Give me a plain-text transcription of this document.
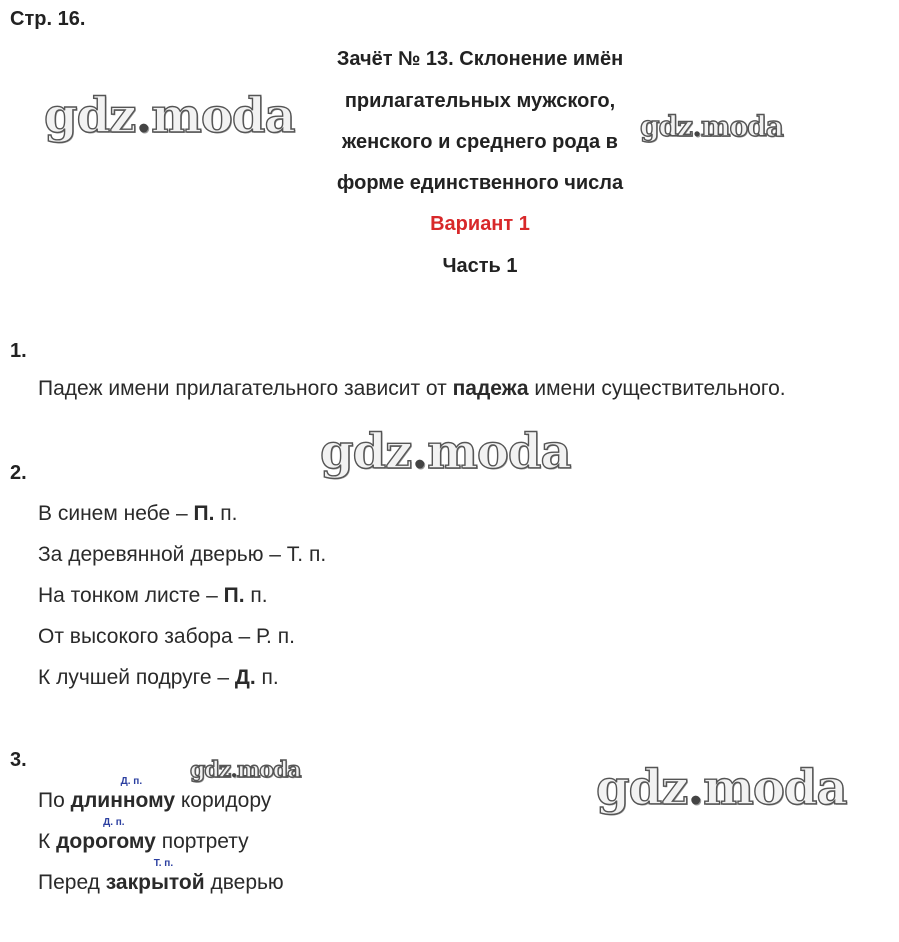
Стр. 16.
Зачёт № 13. Склонение имён
прилагательных мужского,
женского и среднего рода в
форме единственного числа
Вариант 1
Часть 1
gdz.moda	gdz.moda
gdz.moda
gdz.moda	gdz.moda
1.
Падеж имени прилагательного зависит от падежа имени существительного.
2.
В синем небе – П. п.
За деревянной дверью – Т. п.
На тонком листе – П. п.
От высокого забора – Р. п.
К лучшей подруге – Д. п.
3.
По длинному
Д. п.
коридору
К дорогому
Д. п.
портрету
Перед закрытой
Т. п.
дверью
